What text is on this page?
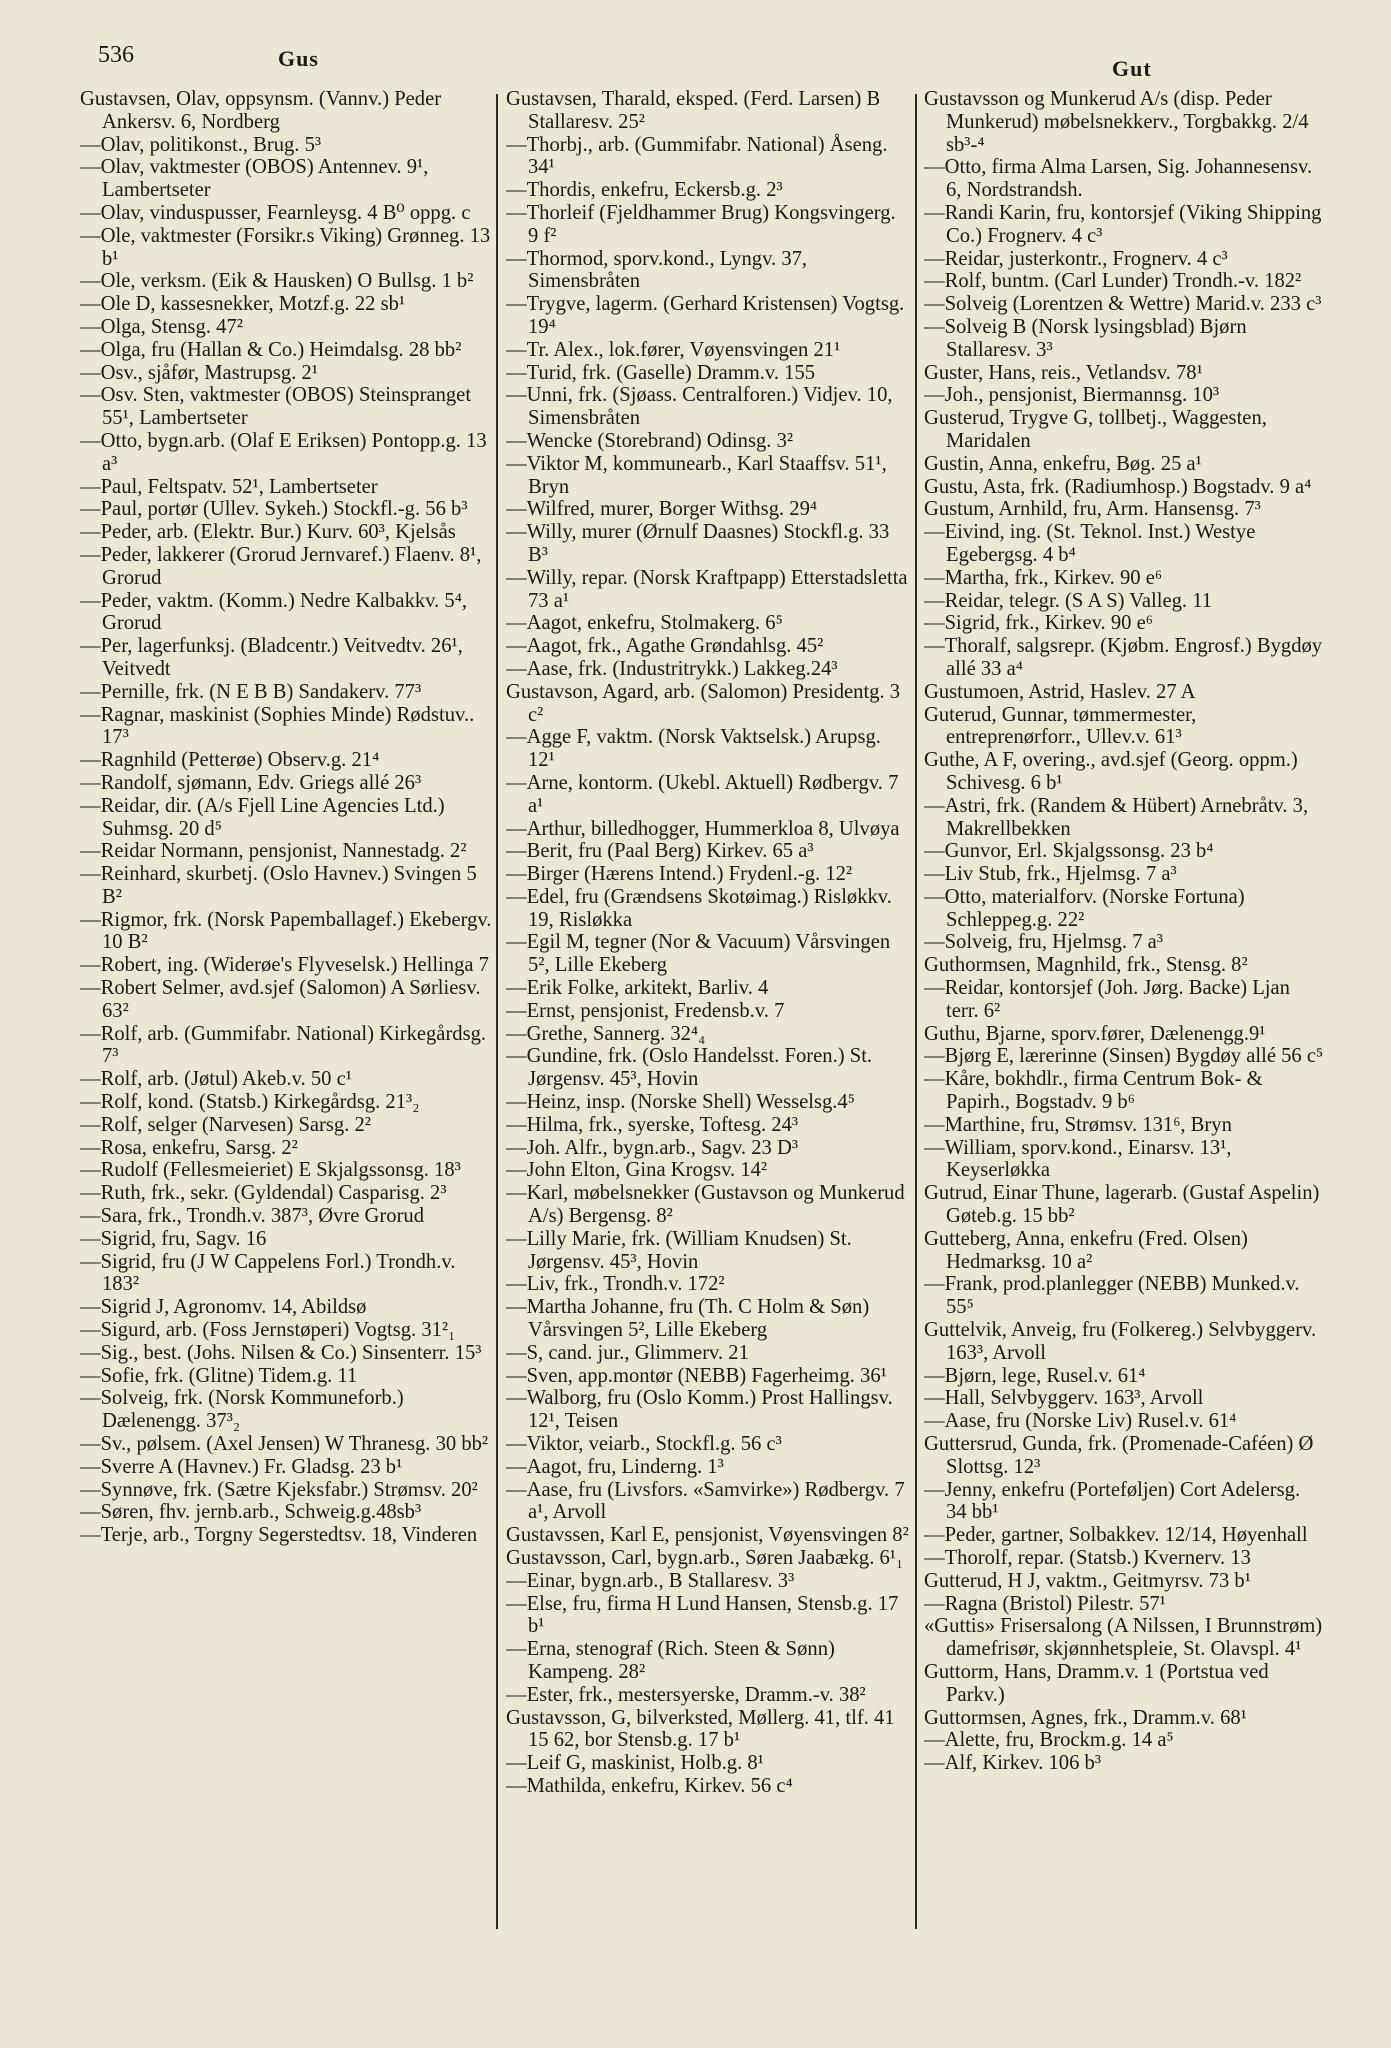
536	Gus	Gut

Gustavsen, Olav, oppsynsm. (Vannv.) Peder Ankersv. 6, Nordberg

—Olav, politikonst., Brug. 5³

—Olav, vaktmester (OBOS) Antennev. 9¹, Lambertseter

—Olav, vinduspusser, Fearnleysg. 4 B⁰ oppg. c

—Ole, vaktmester (Forsikr.s Viking) Grønneg. 13 b¹

—Ole, verksm. (Eik & Hausken) O Bullsg. 1 b²

—Ole D, kassesnekker, Motzf.g. 22 sb¹

—Olga, Stensg. 47²

—Olga, fru (Hallan & Co.) Heimdalsg. 28 bb²

—Osv., sjåfør, Mastrupsg. 2¹

—Osv. Sten, vaktmester (OBOS) Steinspranget 55¹, Lambertseter

—Otto, bygn.arb. (Olaf E Eriksen) Pontopp.g. 13 a³

—Paul, Feltspatv. 52¹, Lambertseter

—Paul, portør (Ullev. Sykeh.) Stockfl.-g. 56 b³

—Peder, arb. (Elektr. Bur.) Kurv. 60³, Kjelsås

—Peder, lakkerer (Grorud Jernvaref.) Flaenv. 8¹, Grorud

—Peder, vaktm. (Komm.) Nedre Kalbakkv. 5⁴, Grorud

—Per, lagerfunksj. (Bladcentr.) Veitvedtv. 26¹, Veitvedt

—Pernille, frk. (N E B B) Sandakerv. 77³

—Ragnar, maskinist (Sophies Minde) Rødstuv.. 17³

—Ragnhild (Petterøe) Observ.g. 21⁴

—Randolf, sjømann, Edv. Griegs allé 26³

—Reidar, dir. (A/s Fjell Line Agencies Ltd.) Suhmsg. 20 d⁵

—Reidar Normann, pensjonist, Nannestadg. 2²

—Reinhard, skurbetj. (Oslo Havnev.) Svingen 5 B²

—Rigmor, frk. (Norsk Papemballagef.) Ekebergv. 10 B²

—Robert, ing. (Widerøe's Flyveselsk.) Hellinga 7

—Robert Selmer, avd.sjef (Salomon) A Sørliesv. 63²

—Rolf, arb. (Gummifabr. National) Kirkegårdsg. 7³

—Rolf, arb. (Jøtul) Akeb.v. 50 c¹

—Rolf, kond. (Statsb.) Kirkegårdsg. 21³₂

—Rolf, selger (Narvesen) Sarsg. 2²

—Rosa, enkefru, Sarsg. 2²

—Rudolf (Fellesmeieriet) E Skjalgssonsg. 18³

—Ruth, frk., sekr. (Gyldendal) Casparisg. 2³

—Sara, frk., Trondh.v. 387³, Øvre Grorud

—Sigrid, fru, Sagv. 16

—Sigrid, fru (J W Cappelens Forl.) Trondh.v. 183²

—Sigrid J, Agronomv. 14, Abildsø

—Sigurd, arb. (Foss Jernstøperi) Vogtsg. 31²₁

—Sig., best. (Johs. Nilsen & Co.) Sinsenterr. 15³

—Sofie, frk. (Glitne) Tidem.g. 11

—Solveig, frk. (Norsk Kommuneforb.) Dælenengg. 37³₂

—Sv., pølsem. (Axel Jensen) W Thranesg. 30 bb²

—Sverre A (Havnev.) Fr. Gladsg. 23 b¹

—Synnøve, frk. (Sætre Kjeksfabr.) Strømsv. 20²

—Søren, fhv. jernb.arb., Schweig.g.48sb³

—Terje, arb., Torgny Segerstedtsv. 18, Vinderen

Gustavsen, Tharald, eksped. (Ferd. Larsen) B Stallaresv. 25²

—Thorbj., arb. (Gummifabr. National) Åseng. 34¹

—Thordis, enkefru, Eckersb.g. 2³

—Thorleif (Fjeldhammer Brug) Kongsvingerg. 9 f²

—Thormod, sporv.kond., Lyngv. 37, Simensbråten

—Trygve, lagerm. (Gerhard Kristensen) Vogtsg. 19⁴

—Tr. Alex., lok.fører, Vøyensvingen 21¹

—Turid, frk. (Gaselle) Dramm.v. 155

—Unni, frk. (Sjøass. Centralforen.) Vidjev. 10, Simensbråten

—Wencke (Storebrand) Odinsg. 3²

—Viktor M, kommunearb., Karl Staaffsv. 51¹, Bryn

—Wilfred, murer, Borger Withsg. 29⁴

—Willy, murer (Ørnulf Daasnes) Stockfl.g. 33 B³

—Willy, repar. (Norsk Kraftpapp) Etterstadsletta 73 a¹

—Aagot, enkefru, Stolmakerg. 6⁵

—Aagot, frk., Agathe Grøndahlsg. 45²

—Aase, frk. (Industritrykk.) Lakkeg.24³

Gustavson, Agard, arb. (Salomon) Presidentg. 3 c²

—Agge F, vaktm. (Norsk Vaktselsk.) Arupsg. 12¹

—Arne, kontorm. (Ukebl. Aktuell) Rødbergv. 7 a¹

—Arthur, billedhogger, Hummerkloa 8, Ulvøya

—Berit, fru (Paal Berg) Kirkev. 65 a³

—Birger (Hærens Intend.) Frydenl.-g. 12²

—Edel, fru (Grændsens Skotøimag.) Risløkkv. 19, Risløkka

—Egil M, tegner (Nor & Vacuum) Vårsvingen 5², Lille Ekeberg

—Erik Folke, arkitekt, Barliv. 4

—Ernst, pensjonist, Fredensb.v. 7

—Grethe, Sannerg. 32⁴₄

—Gundine, frk. (Oslo Handelsst. Foren.) St. Jørgensv. 45³, Hovin

—Heinz, insp. (Norske Shell) Wesselsg.4⁵

—Hilma, frk., syerske, Toftesg. 24³

—Joh. Alfr., bygn.arb., Sagv. 23 D³

—John Elton, Gina Krogsv. 14²

—Karl, møbelsnekker (Gustavson og Munkerud A/s) Bergensg. 8²

—Lilly Marie, frk. (William Knudsen) St. Jørgensv. 45³, Hovin

—Liv, frk., Trondh.v. 172²

—Martha Johanne, fru (Th. C Holm & Søn) Vårsvingen 5², Lille Ekeberg

—S, cand. jur., Glimmerv. 21

—Sven, app.montør (NEBB) Fagerheimg. 36¹

—Walborg, fru (Oslo Komm.) Prost Hallingsv. 12¹, Teisen

—Viktor, veiarb., Stockfl.g. 56 c³

—Aagot, fru, Linderng. 1³

—Aase, fru (Livsfors. «Samvirke») Rødbergv. 7 a¹, Arvoll

Gustavssen, Karl E, pensjonist, Vøyensvingen 8²

Gustavsson, Carl, bygn.arb., Søren Jaabækg. 6¹₁

—Einar, bygn.arb., B Stallaresv. 3³

—Else, fru, firma H Lund Hansen, Stensb.g. 17 b¹

—Erna, stenograf (Rich. Steen & Sønn) Kampeng. 28²

—Ester, frk., mestersyerske, Dramm.-v. 38²

Gustavsson, G, bilverksted, Møllerg. 41, tlf. 41 15 62, bor Stensb.g. 17 b¹

—Leif G, maskinist, Holb.g. 8¹

—Mathilda, enkefru, Kirkev. 56 c⁴

Gustavsson og Munkerud A/s (disp. Peder Munkerud) møbelsnekkerv., Torgbakkg. 2/4 sb³-⁴

—Otto, firma Alma Larsen, Sig. Johannesensv. 6, Nordstrandsh.

—Randi Karin, fru, kontorsjef (Viking Shipping Co.) Frognerv. 4 c³

—Reidar, justerkontr., Frognerv. 4 c³

—Rolf, buntm. (Carl Lunder) Trondh.-v. 182²

—Solveig (Lorentzen & Wettre) Marid.v. 233 c³

—Solveig B (Norsk lysingsblad) Bjørn Stallaresv. 3³

Guster, Hans, reis., Vetlandsv. 78¹

—Joh., pensjonist, Biermannsg. 10³

Gusterud, Trygve G, tollbetj., Waggesten, Maridalen

Gustin, Anna, enkefru, Bøg. 25 a¹

Gustu, Asta, frk. (Radiumhosp.) Bogstadv. 9 a⁴

Gustum, Arnhild, fru, Arm. Hansensg. 7³

—Eivind, ing. (St. Teknol. Inst.) Westye Egebergsg. 4 b⁴

—Martha, frk., Kirkev. 90 e⁶

—Reidar, telegr. (S A S) Valleg. 11

—Sigrid, frk., Kirkev. 90 e⁶

—Thoralf, salgsrepr. (Kjøbm. Engrosf.) Bygdøy allé 33 a⁴

Gustumoen, Astrid, Haslev. 27 A

Guterud, Gunnar, tømmermester, entreprenørforr., Ullev.v. 61³

Guthe, A F, overing., avd.sjef (Georg. oppm.) Schivesg. 6 b¹

—Astri, frk. (Randem & Hübert) Arnebråtv. 3, Makrellbekken

—Gunvor, Erl. Skjalgssonsg. 23 b⁴

—Liv Stub, frk., Hjelmsg. 7 a³

—Otto, materialforv. (Norske Fortuna) Schleppeg.g. 22²

—Solveig, fru, Hjelmsg. 7 a³

Guthormsen, Magnhild, frk., Stensg. 8²

—Reidar, kontorsjef (Joh. Jørg. Backe) Ljan terr. 6²

Guthu, Bjarne, sporv.fører, Dælenengg.9¹

—Bjørg E, lærerinne (Sinsen) Bygdøy allé 56 c⁵

—Kåre, bokhdlr., firma Centrum Bok- & Papirh., Bogstadv. 9 b⁶

—Marthine, fru, Strømsv. 131⁶, Bryn

—William, sporv.kond., Einarsv. 13¹, Keyserløkka

Gutrud, Einar Thune, lagerarb. (Gustaf Aspelin) Gøteb.g. 15 bb²

Gutteberg, Anna, enkefru (Fred. Olsen) Hedmarksg. 10 a²

—Frank, prod.planlegger (NEBB) Munked.v. 55⁵

Guttelvik, Anveig, fru (Folkereg.) Selvbyggerv. 163³, Arvoll

—Bjørn, lege, Rusel.v. 61⁴

—Hall, Selvbyggerv. 163³, Arvoll

—Aase, fru (Norske Liv) Rusel.v. 61⁴

Guttersrud, Gunda, frk. (Promenade-Caféen) Ø Slottsg. 12³

—Jenny, enkefru (Porteføljen) Cort Adelersg. 34 bb¹

—Peder, gartner, Solbakkev. 12/14, Høyenhall

—Thorolf, repar. (Statsb.) Kvernerv. 13

Gutterud, H J, vaktm., Geitmyrsv. 73 b¹

—Ragna (Bristol) Pilestr. 57¹

«Guttis» Frisersalong (A Nilssen, I Brunnstrøm) damefrisør, skjønnhetspleie, St. Olavspl. 4¹

Guttorm, Hans, Dramm.v. 1 (Portstua ved Parkv.)

Guttormsen, Agnes, frk., Dramm.v. 68¹

—Alette, fru, Brockm.g. 14 a⁵

—Alf, Kirkev. 106 b³
